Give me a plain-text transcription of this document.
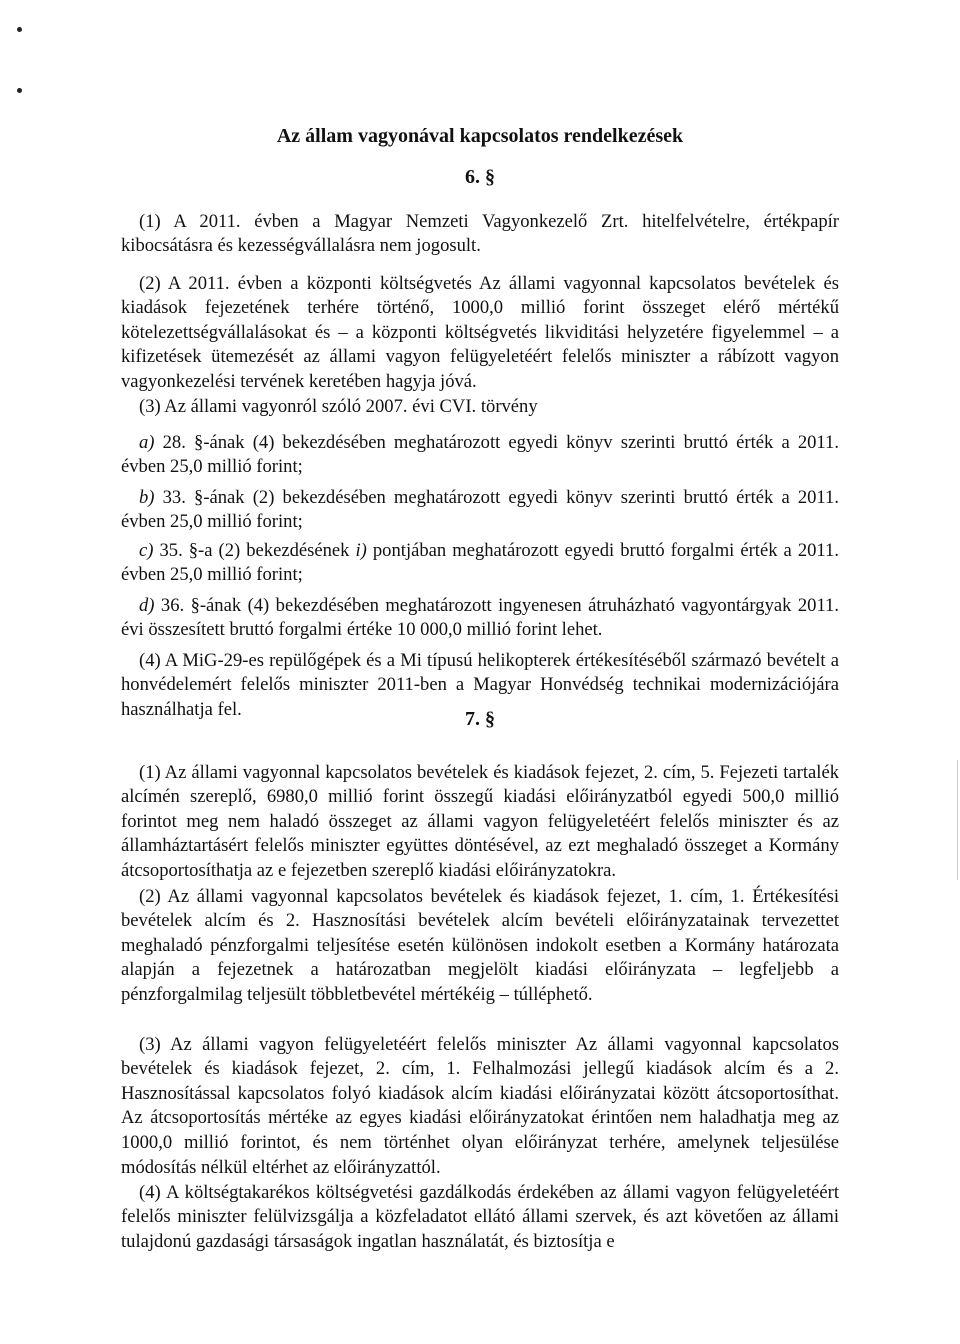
Az állam vagyonával kapcsolatos rendelkezések
6. §

(1) A 2011. évben a Magyar Nemzeti Vagyonkezelő Zrt. hitelfelvételre, értékpapír kibocsátásra és kezességvállalásra nem jogosult.

(2) A 2011. évben a központi költségvetés Az állami vagyonnal kapcsolatos bevételek és kiadások fejezetének terhére történő, 1000,0 millió forint összeget elérő mértékű kötelezettségvállalásokat és – a központi költségvetés likviditási helyzetére figyelemmel – a kifizetések ütemezését az állami vagyon felügyeletéért felelős miniszter a rábízott vagyon vagyonkezelési tervének keretében hagyja jóvá.

(3) Az állami vagyonról szóló 2007. évi CVI. törvény

a) 28. §-ának (4) bekezdésében meghatározott egyedi könyv szerinti bruttó érték a 2011. évben 25,0 millió forint;

b) 33. §-ának (2) bekezdésében meghatározott egyedi könyv szerinti bruttó érték a 2011. évben 25,0 millió forint;

c) 35. §-a (2) bekezdésének i) pontjában meghatározott egyedi bruttó forgalmi érték a 2011. évben 25,0 millió forint;

d) 36. §-ának (4) bekezdésében meghatározott ingyenesen átruházható vagyontárgyak 2011. évi összesített bruttó forgalmi értéke 10 000,0 millió forint lehet.

(4) A MiG-29-es repülőgépek és a Mi típusú helikopterek értékesítéséből származó bevételt a honvédelemért felelős miniszter 2011-ben a Magyar Honvédség technikai modernizációjára használhatja fel.	7. §

(1) Az állami vagyonnal kapcsolatos bevételek és kiadások fejezet, 2. cím, 5. Fejezeti tartalék alcímén szereplő, 6980,0 millió forint összegű kiadási előirányzatból egyedi 500,0 millió forintot meg nem haladó összeget az állami vagyon felügyeletéért felelős miniszter és az államháztartásért felelős miniszter együttes döntésével, az ezt meghaladó összeget a Kormány átcsoportosíthatja az e fejezetben szereplő kiadási előirányzatokra.

(2) Az állami vagyonnal kapcsolatos bevételek és kiadások fejezet, 1. cím, 1. Értékesítési bevételek alcím és 2. Hasznosítási bevételek alcím bevételi előirányzatainak tervezettet meghaladó pénzforgalmi teljesítése esetén különösen indokolt esetben a Kormány határozata alapján a fejezetnek a határozatban megjelölt kiadási előirányzata – legfeljebb a pénzforgalmilag teljesült többletbevétel mértékéig – túlléphető.

(3) Az állami vagyon felügyeletéért felelős miniszter Az állami vagyonnal kapcsolatos bevételek és kiadások fejezet, 2. cím, 1. Felhalmozási jellegű kiadások alcím és a 2. Hasznosítással kapcsolatos folyó kiadások alcím kiadási előirányzatai között átcsoportosíthat. Az átcsoportosítás mértéke az egyes kiadási előirányzatokat érintően nem haladhatja meg az 1000,0 millió forintot, és nem történhet olyan előirányzat terhére, amelynek teljesülése módosítás nélkül eltérhet az előirányzattól.

(4) A költségtakarékos költségvetési gazdálkodás érdekében az állami vagyon felügyeletéért felelős miniszter felülvizsgálja a közfeladatot ellátó állami szervek, és azt követően az állami tulajdonú gazdasági társaságok ingatlan használatát, és biztosítja e
